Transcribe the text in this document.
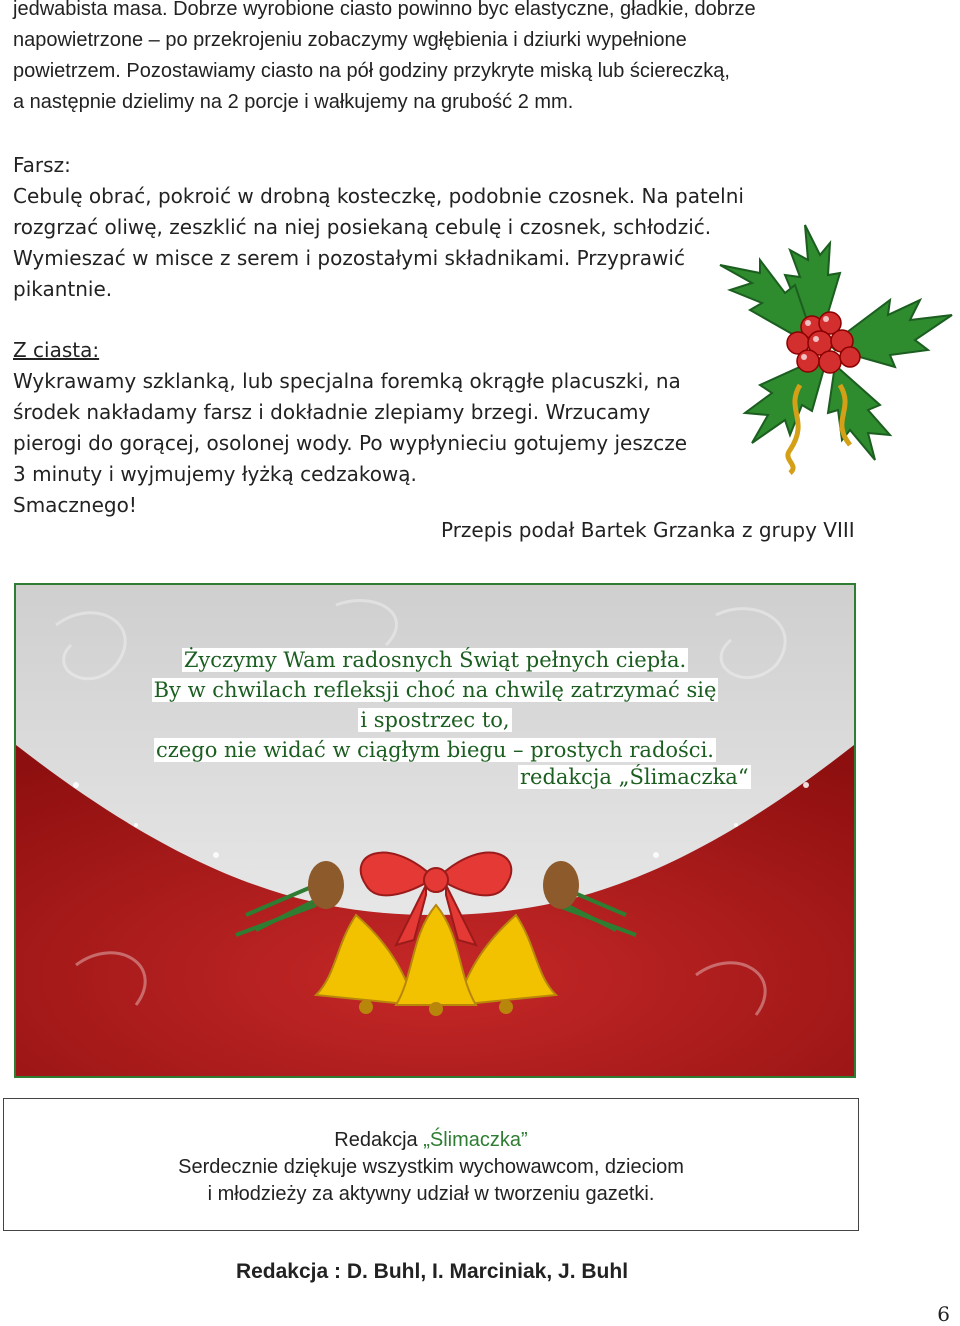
jedwabista masa. Dobrze wyrobione ciasto powinno byc elastyczne, gładkie, dobrze
napowietrzone – po przekrojeniu zobaczymy wgłębienia i dziurki wypełnione
powietrzem. Pozostawiamy ciasto na pół godziny przykryte miską lub ściereczką,
a następnie dzielimy na 2 porcje i wałkujemy na grubość 2 mm.
Farsz:
Cebulę obrać, pokroić w drobną kosteczkę, podobnie czosnek. Na patelni
rozgrzać oliwę, zeszklić na niej posiekaną cebulę i czosnek, schłodzić.
Wymieszać w misce z serem i pozostałymi składnikami. Przyprawić
pikantnie.
Z ciasta:
Wykrawamy szklanką, lub specjalna foremką okrągłe placuszki, na
środek nakładamy farsz i dokładnie zlepiamy brzegi. Wrzucamy
pierogi do gorącej, osolonej wody. Po wypłynieciu gotujemy jeszcze
3 minuty i wyjmujemy łyżką cedzakową.
Smacznego!
Przepis podał Bartek Grzanka z grupy VIII
Życzymy Wam radosnych Świąt pełnych ciepła.
By w chwilach refleksji choć na chwilę zatrzymać się
i spostrzec to,
czego nie widać w ciągłym biegu – prostych radości.
redakcja „Ślimaczka“
Redakcja „Ślimaczka”
Serdecznie dziękuje wszystkim wychowawcom, dzieciom
i młodzieży za aktywny udział w tworzeniu gazetki.
Redakcja : D. Buhl, I. Marciniak, J. Buhl
6
